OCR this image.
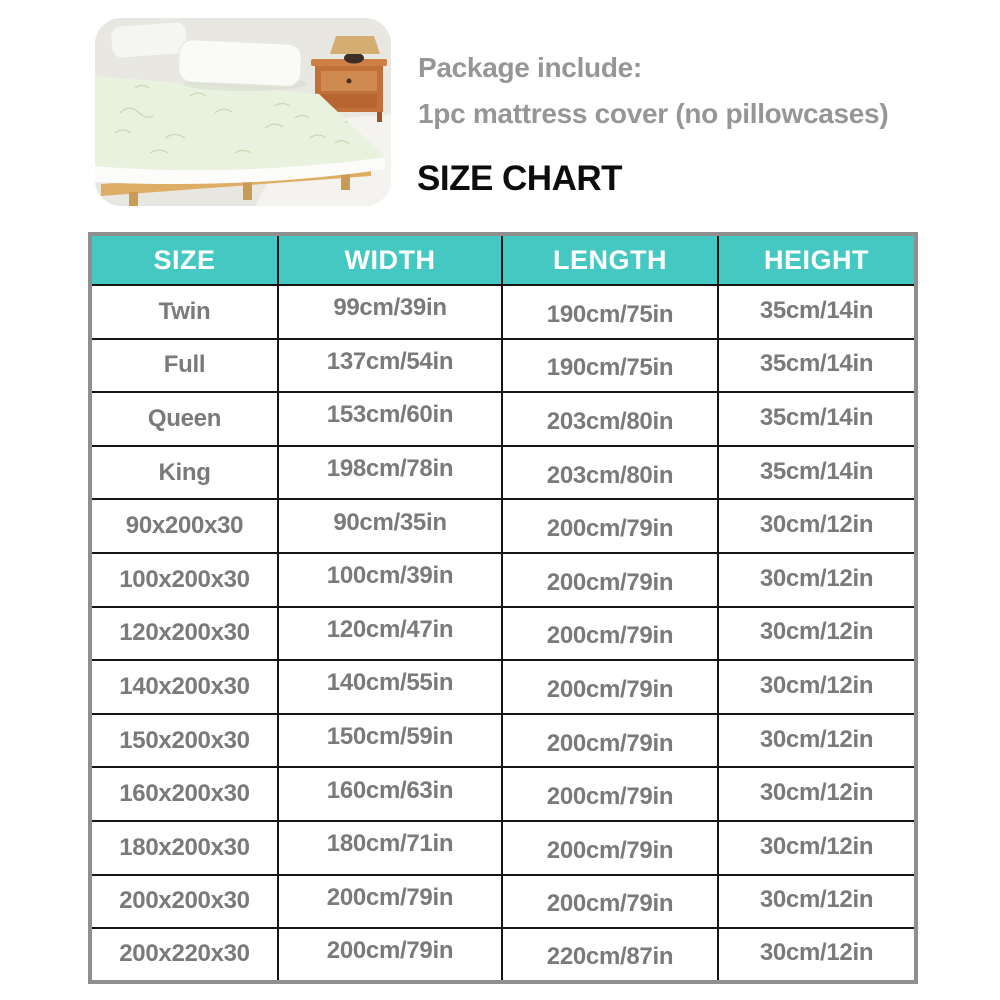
Package include:
1pc mattress cover (no pillowcases)
SIZE CHART
SIZE	WIDTH	LENGTH	HEIGHT
Twin	99cm/39in	190cm/75in	35cm/14in
Full	137cm/54in	190cm/75in	35cm/14in
Queen	153cm/60in	203cm/80in	35cm/14in
King	198cm/78in	203cm/80in	35cm/14in
90x200x30	90cm/35in	200cm/79in	30cm/12in
100x200x30	100cm/39in	200cm/79in	30cm/12in
120x200x30	120cm/47in	200cm/79in	30cm/12in
140x200x30	140cm/55in	200cm/79in	30cm/12in
150x200x30	150cm/59in	200cm/79in	30cm/12in
160x200x30	160cm/63in	200cm/79in	30cm/12in
180x200x30	180cm/71in	200cm/79in	30cm/12in
200x200x30	200cm/79in	200cm/79in	30cm/12in
200x220x30	200cm/79in	220cm/87in	30cm/12in
